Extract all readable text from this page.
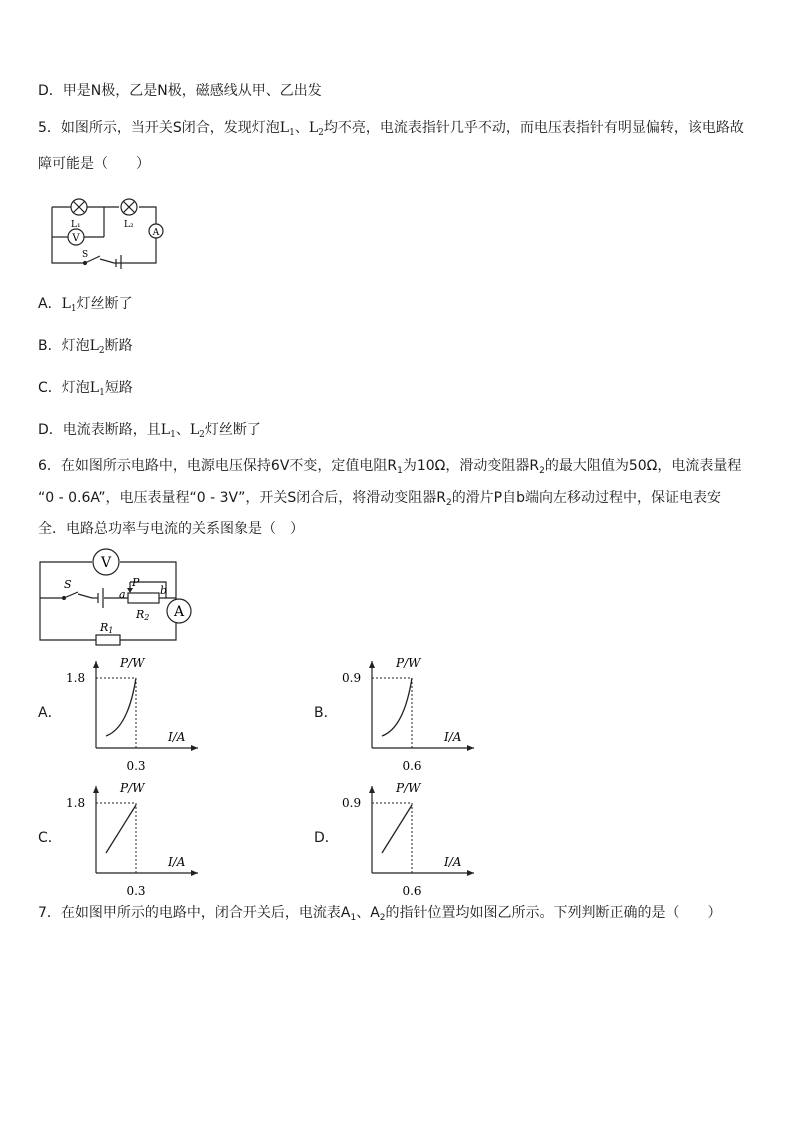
D．甲是N极，乙是N极，磁感线从甲、乙出发
5．如图所示，当开关S闭合，发现灯泡$L_1$、$L_2$均不亮，电流表指针几乎不动，而电压表指针有明显偏转，该电路故
障可能是（　　）
V	A
L₁	L₂
S
A．$L_1$灯丝断了
B．灯泡$L_2$断路
C．灯泡$L_1$短路
D．电流表断路，且$L_1$、$L_2$灯丝断了
6．在如图所示电路中，电源电压保持6V不变，定值电阻$R_1$为10Ω，滑动变阻器$R_2$的最大阻值为50Ω，电流表量程
“0 - 0.6A”，电压表量程“0 - 3V”，开关S闭合后，将滑动变阻器$R_2$的滑片P自b端向左移动过程中，保证电表安
全．电路总功率与电流的关系图象是（　）
V
A
S	P
a	b
R2
R1
A．
P/W
I/A
1.8
0.3
B．
P/W
I/A
0.9
0.6
C．
P/W
I/A
1.8
0.3
D．
P/W
I/A
0.9
0.6
7．在如图甲所示的电路中，闭合开关后，电流表$A_1$、$A_2$的指针位置均如图乙所示。下列判断正确的是（　　）
